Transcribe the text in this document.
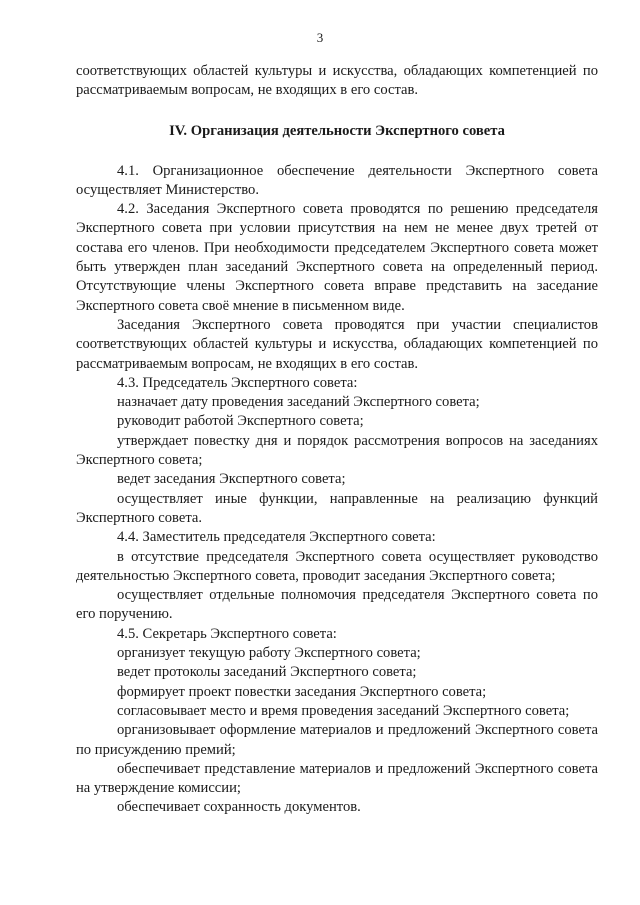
3

соответствующих областей культуры и искусства, обладающих компетенцией по рассматриваемым вопросам, не входящих в его состав.

IV. Организация деятельности Экспертного совета

4.1. Организационное обеспечение деятельности Экспертного совета осуществляет Министерство.

4.2. Заседания Экспертного совета проводятся по решению председателя Экспертного совета при условии присутствия на нем не менее двух третей от состава его членов. При необходимости председателем Экспертного совета может быть утвержден план заседаний Экспертного совета на определенный период. Отсутствующие члены Экспертного совета вправе представить на заседание Экспертного совета своё мнение в письменном виде.

Заседания Экспертного совета проводятся при участии специалистов соответствующих областей культуры и искусства, обладающих компетенцией по рассматриваемым вопросам, не входящих в его состав.

4.3. Председатель Экспертного совета:

назначает дату проведения заседаний Экспертного совета;

руководит работой Экспертного совета;

утверждает повестку дня и порядок рассмотрения вопросов на заседаниях Экспертного совета;

ведет заседания Экспертного совета;

осуществляет иные функции, направленные на реализацию функций Экспертного совета.

4.4. Заместитель председателя Экспертного совета:

в отсутствие председателя Экспертного совета осуществляет руководство деятельностью Экспертного совета, проводит заседания Экспертного совета;

осуществляет отдельные полномочия председателя Экспертного совета по его поручению.

4.5. Секретарь Экспертного совета:

организует текущую работу Экспертного совета;

ведет протоколы заседаний Экспертного совета;

формирует проект повестки заседания Экспертного совета;

согласовывает место и время проведения заседаний Экспертного совета;

организовывает оформление материалов и предложений Экспертного совета по присуждению премий;

обеспечивает представление материалов и предложений Экспертного совета на утверждение комиссии;

обеспечивает сохранность документов.
